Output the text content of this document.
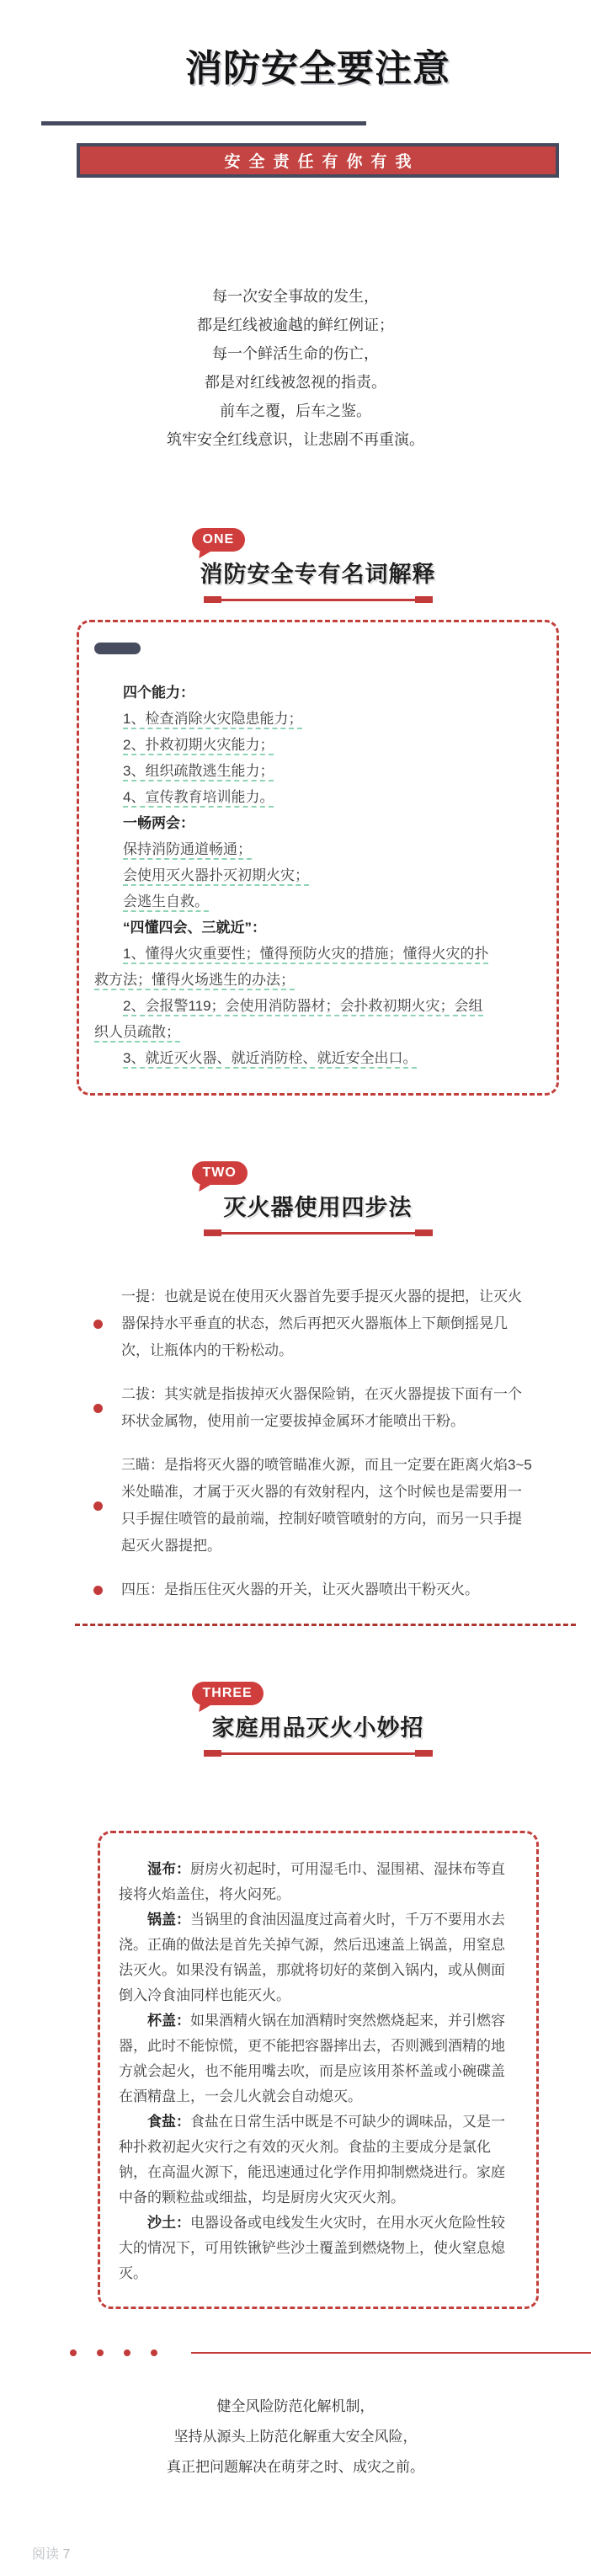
消防安全要注意
安全责任有你有我
每一次安全事故的发生，
都是红线被逾越的鲜红例证；
每一个鲜活生命的伤亡，
都是对红线被忽视的指责。
前车之覆，后车之鉴。
筑牢安全红线意识，让悲剧不再重演。
ONE
消防安全专有名词解释

四个能力：

1、检查消除火灾隐患能力；

2、扑救初期火灾能力；

3、组织疏散逃生能力；

4、宣传教育培训能力。

一畅两会：

保持消防通道畅通；

会使用灭火器扑灭初期火灾；

会逃生自救。

“四懂四会、三就近”：

1、懂得火灾重要性；懂得预防火灾的措施；懂得火灾的扑救方法；懂得火场逃生的办法；

2、会报警119；会使用消防器材；会扑救初期火灾；会组织人员疏散；

3、就近灭火器、就近消防栓、就近安全出口。

TWO
灭火器使用四步法
一提：也就是说在使用灭火器首先要手提灭火器的提把，让灭火器保持水平垂直的状态，然后再把灭火器瓶体上下颠倒摇晃几次，让瓶体内的干粉松动。
二拔：其实就是指拔掉灭火器保险销，在灭火器提拔下面有一个环状金属物，使用前一定要拔掉金属环才能喷出干粉。
三瞄：是指将灭火器的喷管瞄准火源，而且一定要在距离火焰3~5米处瞄准，才属于灭火器的有效射程内，这个时候也是需要用一只手握住喷管的最前端，控制好喷管喷射的方向，而另一只手提起灭火器提把。
四压：是指压住灭火器的开关，让灭火器喷出干粉灭火。
THREE
家庭用品灭火小妙招

湿布：厨房火初起时，可用湿毛巾、湿围裙、湿抹布等直接将火焰盖住，将火闷死。

锅盖：当锅里的食油因温度过高着火时，千万不要用水去浇。正确的做法是首先关掉气源，然后迅速盖上锅盖，用窒息法灭火。如果没有锅盖，那就将切好的菜倒入锅内，或从侧面倒入冷食油同样也能灭火。

杯盖：如果酒精火锅在加酒精时突然燃烧起来，并引燃容器，此时不能惊慌，更不能把容器摔出去，否则溅到酒精的地方就会起火，也不能用嘴去吹，而是应该用茶杯盖或小碗碟盖在酒精盘上，一会儿火就会自动熄灭。

食盐：食盐在日常生活中既是不可缺少的调味品，又是一种扑救初起火灾行之有效的灭火剂。食盐的主要成分是氯化钠，在高温火源下，能迅速通过化学作用抑制燃烧进行。家庭中备的颗粒盐或细盐，均是厨房火灾灭火剂。

沙土：电器设备或电线发生火灾时，在用水灭火危险性较大的情况下，可用铁锹铲些沙土覆盖到燃烧物上，使火窒息熄灭。

健全风险防范化解机制，
坚持从源头上防范化解重大安全风险，
真正把问题解决在萌芽之时、成灾之前。
阅读 7
